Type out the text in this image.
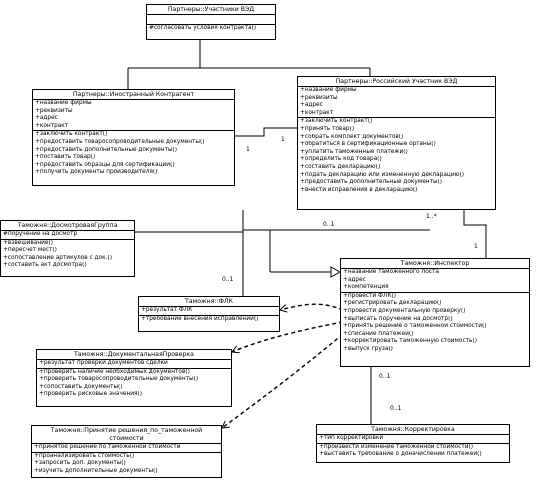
Партнеры::Участники ВЭД
#согласовать условия контракта()
Партнеры::Иностранный Контрагент
+название фирмы
+реквизиты
+адрес
+контракт
+заключить контракт()
+предоставить товаросопроводительные документы()
+предоставить дополнительные документы()
+поставить товар()
+предоставить образцы для сертификации()
+получить документы производителя()
Партнеры::Российский Участник ВЭД
+название фирмы
+реквизиты
+адрес
+контракт
+заключить контракт()
+принять товар()
+собрать комплект документов()
+обратиться в сертификационные органы()
+уплатить таможенные платежи()
+определить код товара()
+составить декларацию()
+подать декларацию или измененную декларацию()
+предоставить дополнительные документы()
+внести исправления в декларацию()
Таможня::ДосмотроваяГруппа
#поручение на досмотр
+взвешивание()
+пересчет мест()
+сопоставление артикулов с док.()
+составить акт досмотра()	Таможня::Инспектор
+название таможенного поста
+адрес
+компетенция
+провести ФЛК()
+регистрировать декларацию()
+провести документальную проверку()
+выписать поручение на досмотр()
+принять решение о таможенной стоимости()
+списание платежей()
+корректировать таможенную стоимость()
+выпуск груза()
Таможня::ФЛК
+результат ФЛК
+требование внесения исправлений()
Таможня::ДокументальнаяПроверка
+результат проверки документов сделки
+проверить наличие необходимых документов()
+проверить товаросопроводительные документы()
+сопоставить документы()
+проверить рисковые значения()
Таможня::Принятие решения_по_таможенной стоимости
+принятое решение по таможенной стоимости
+проанализировать стоимость()
+запросить доп. документы()
+изучить дополнительные документы()
Таможня::Корректировка
+тип корректировки
+произвести изменение таможенной стоимости()
+выставить требование о доначислении платежей()
1
1
1..*
1
0..1
0..1
0..1
0..1
